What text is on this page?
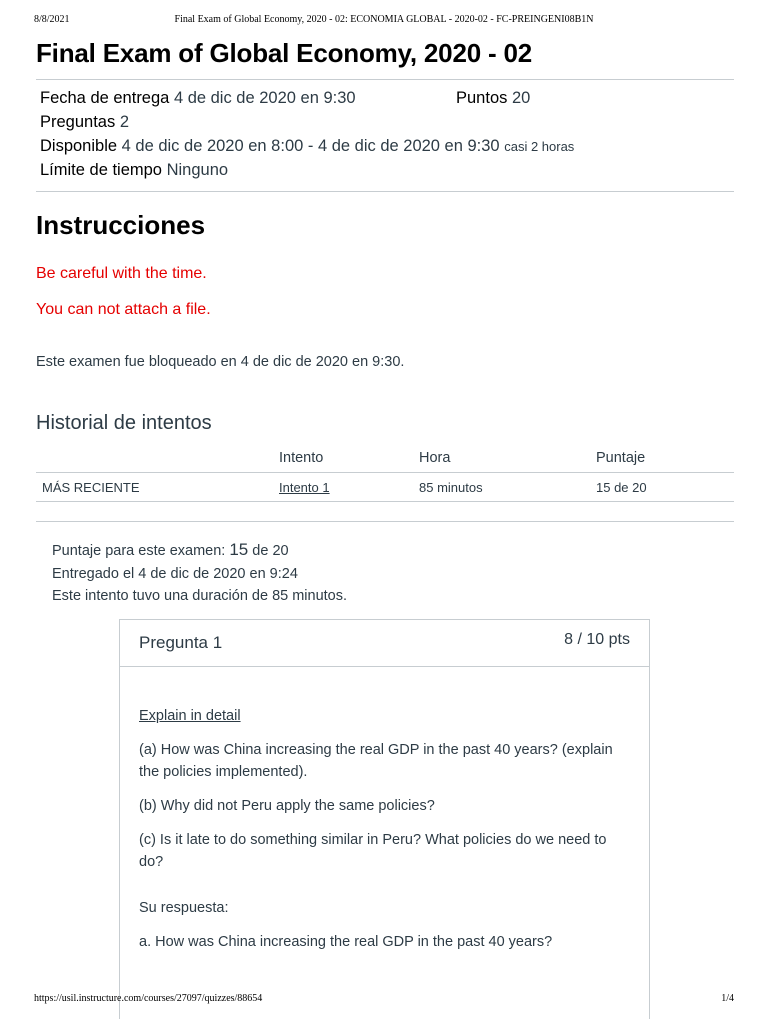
8/8/2021	Final Exam of Global Economy, 2020 - 02: ECONOMIA GLOBAL - 2020-02 - FC-PREINGENI08B1N
Final Exam of Global Economy, 2020 - 02
Fecha de entrega 4 de dic de 2020 en 9:30	Puntos 20
Preguntas 2
Disponible 4 de dic de 2020 en 8:00 - 4 de dic de 2020 en 9:30 casi 2 horas
Límite de tiempo Ninguno
Instrucciones
Be careful with the time.
You can not attach a file.
Este examen fue bloqueado en 4 de dic de 2020 en 9:30.
Historial de intentos
	Intento	Hora	Puntaje
MÁS RECIENTE	Intento 1	85 minutos	15 de 20
Puntaje para este examen: 15 de 20
Entregado el 4 de dic de 2020 en 9:24
Este intento tuvo una duración de 85 minutos.
Pregunta 1	8 / 10 pts

Explain in detail

(a) How was China increasing the real GDP in the past 40 years? (explain the policies implemented).

(b) Why did not Peru apply the same policies?

(c) Is it late to do something similar in Peru? What policies do we need to do?

Su respuesta:

a. How was China increasing the real GDP in the past 40 years?

https://usil.instructure.com/courses/27097/quizzes/88654	1/4
